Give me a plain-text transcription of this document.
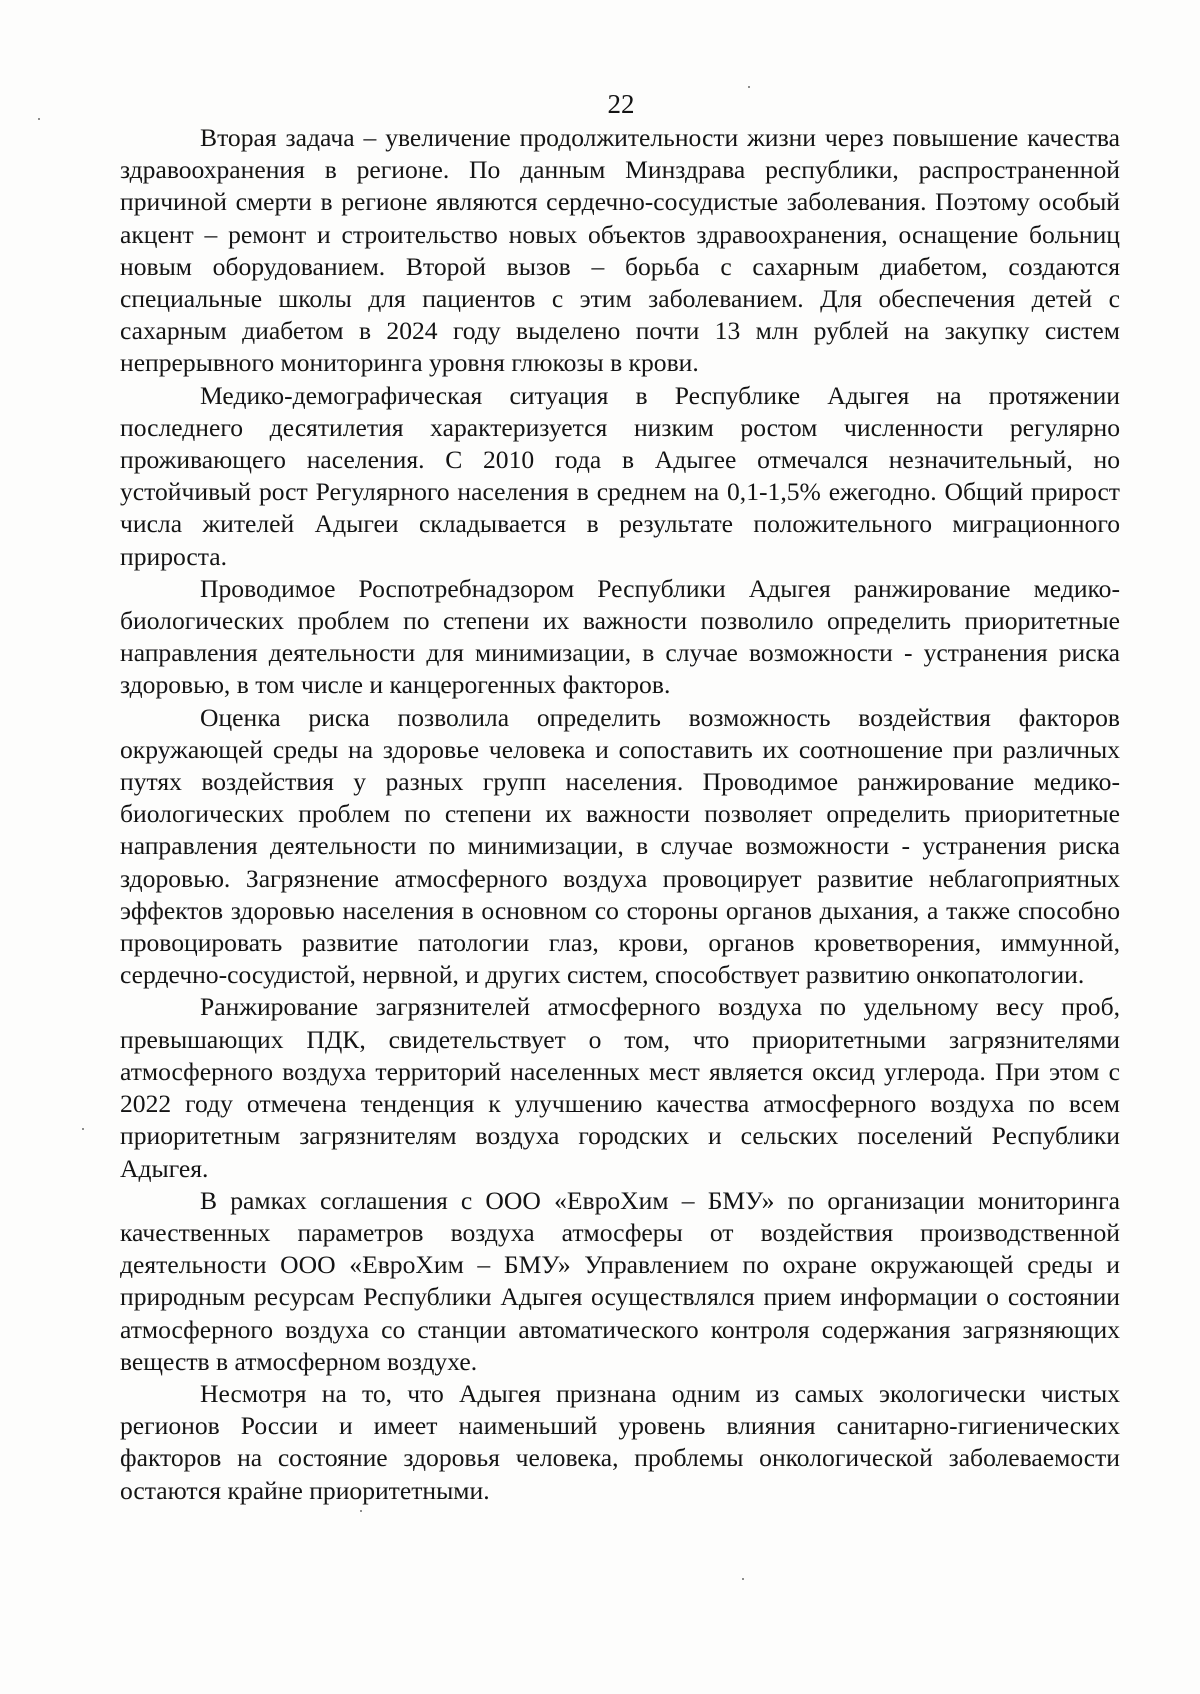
22

Вторая задача – увеличение продолжительности жизни через повышение качества здравоохранения в регионе. По данным Минздрава республики, распространенной причиной смерти в регионе являются сердечно-сосудистые заболевания. Поэтому особый акцент – ремонт и строительство новых объектов здравоохранения, оснащение больниц новым оборудованием. Второй вызов – борьба с сахарным диабетом, создаются специальные школы для пациентов с этим заболеванием. Для обеспечения детей с сахарным диабетом в 2024 году выделено почти 13 млн рублей на закупку систем непрерывного мониторинга уровня глюкозы в крови.

Медико-демографическая ситуация в Республике Адыгея на протяжении последнего десятилетия характеризуется низким ростом численности регулярно проживающего населения. С 2010 года в Адыгее отмечался незначительный, но устойчивый рост Регулярного населения в среднем на 0,1-1,5% ежегодно. Общий прирост числа жителей Адыгеи складывается в результате положительного миграционного прироста.

Проводимое Роспотребнадзором Республики Адыгея ранжирование медико-биологических проблем по степени их важности позволило определить приоритетные направления деятельности для минимизации, в случае возможности - устранения риска здоровью, в том числе и канцерогенных факторов.

Оценка риска позволила определить возможность воздействия факторов окружающей среды на здоровье человека и сопоставить их соотношение при различных путях воздействия у разных групп населения. Проводимое ранжирование медико-биологических проблем по степени их важности позволяет определить приоритетные направления деятельности по минимизации, в случае возможности - устранения риска здоровью. Загрязнение атмосферного воздуха провоцирует развитие неблагоприятных эффектов здоровью населения в основном со стороны органов дыхания, а также способно провоцировать развитие патологии глаз, крови, органов кроветворения, иммунной, сердечно-сосудистой, нервной, и других систем, способствует развитию онкопатологии.

Ранжирование загрязнителей атмосферного воздуха по удельному весу проб, превышающих ПДК, свидетельствует о том, что приоритетными загрязнителями атмосферного воздуха территорий населенных мест является оксид углерода. При этом с 2022 году отмечена тенденция к улучшению качества атмосферного воздуха по всем приоритетным загрязнителям воздуха городских и сельских поселений Республики Адыгея.

В рамках соглашения с ООО «ЕвроХим – БМУ» по организации мониторинга качественных параметров воздуха атмосферы от воздействия производственной деятельности ООО «ЕвроХим – БМУ» Управлением по охране окружающей среды и природным ресурсам Республики Адыгея осуществлялся прием информации о состоянии атмосферного воздуха со станции автоматического контроля содержания загрязняющих веществ в атмосферном воздухе.

Несмотря на то, что Адыгея признана одним из самых экологически чистых регионов России и имеет наименьший уровень влияния санитарно-гигиенических факторов на состояние здоровья человека, проблемы онкологической заболеваемости остаются крайне приоритетными.
